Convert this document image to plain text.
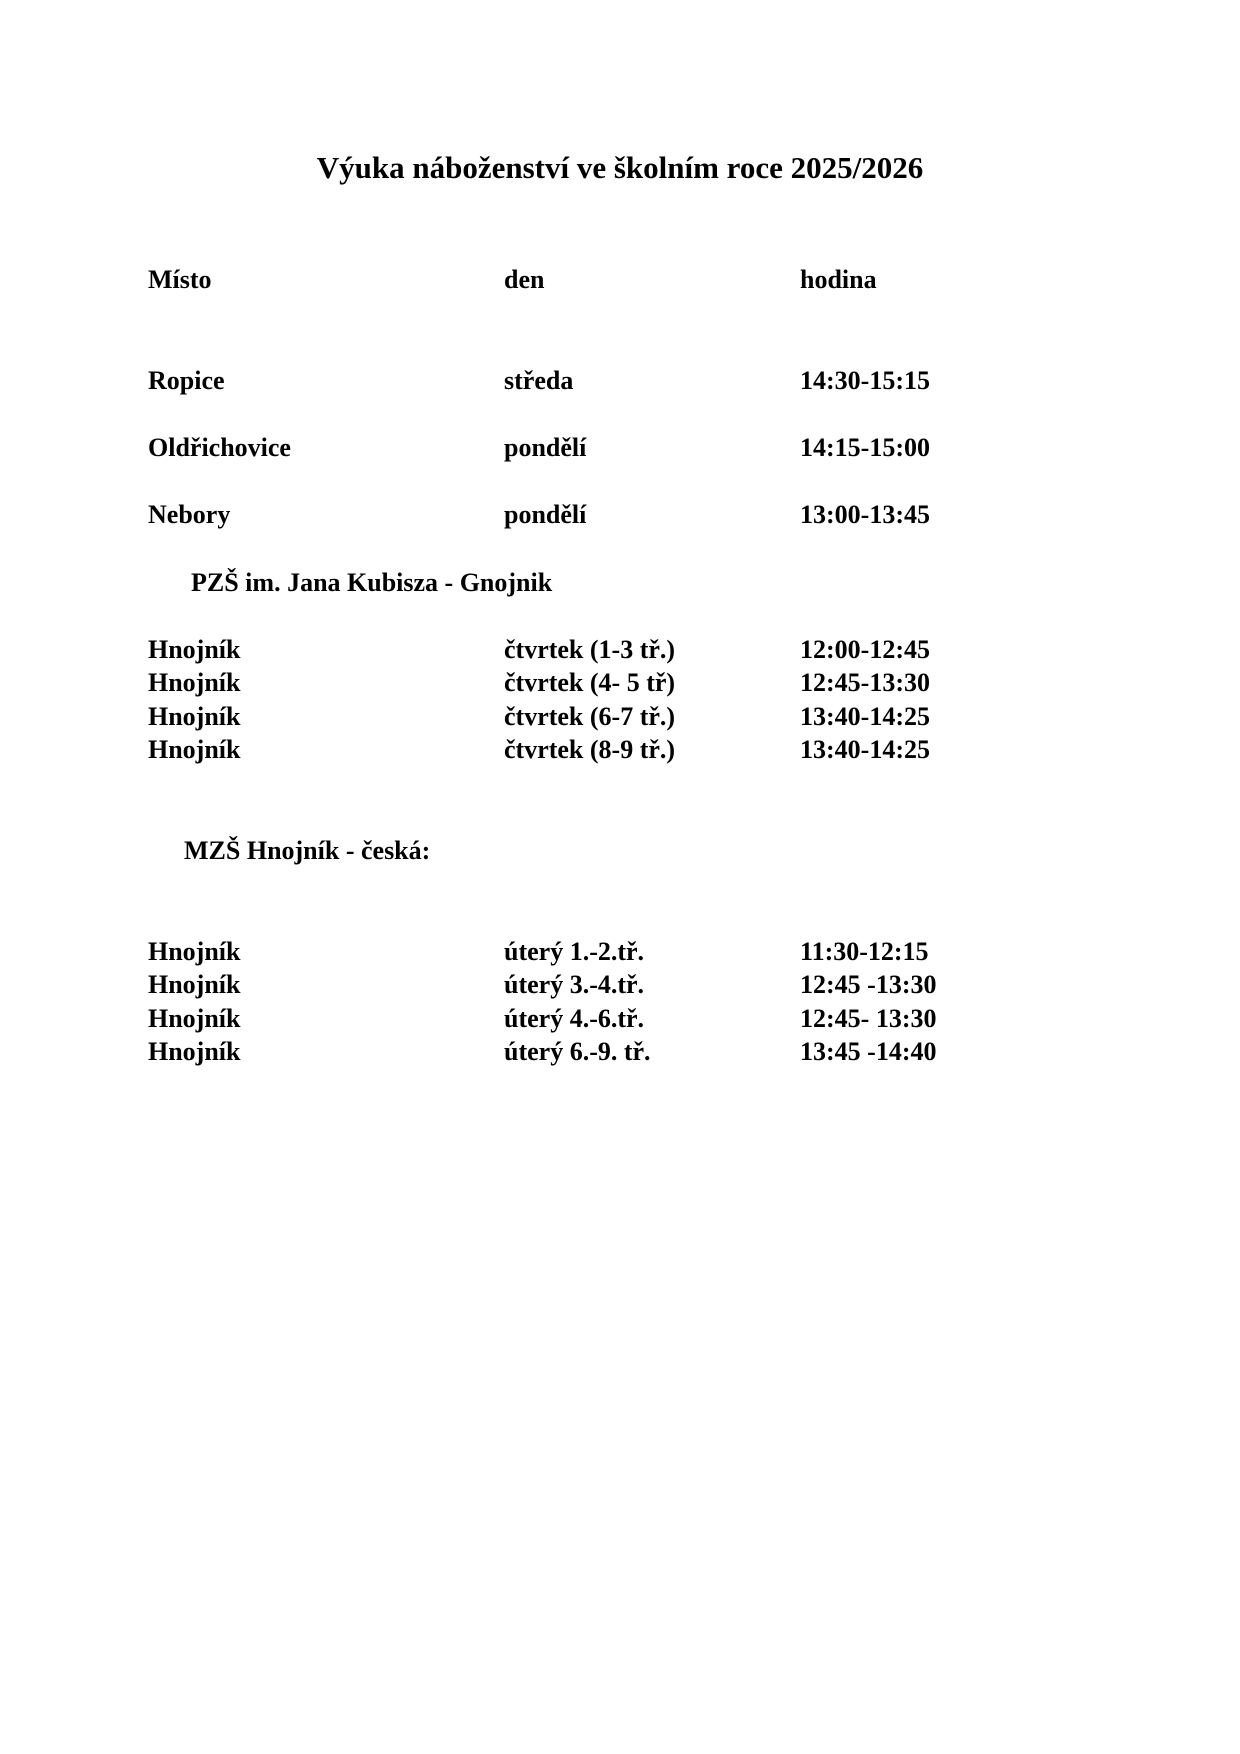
Výuka náboženství ve školním roce 2025/2026
Místo	den	hodina
Ropice	středa	14:30-15:15
Oldřichovice	pondělí	14:15-15:00
Nebory	pondělí	13:00-13:45
PZŠ im. Jana Kubisza - Gnojnik
Hnojník	čtvrtek (1-3 tř.)	12:00-12:45
Hnojník	čtvrtek (4- 5 tř)	12:45-13:30
Hnojník	čtvrtek (6-7 tř.)	13:40-14:25
Hnojník	čtvrtek (8-9 tř.)	13:40-14:25
MZŠ Hnojník - česká:
Hnojník	úterý 1.-2.tř.	11:30-12:15
Hnojník	úterý 3.-4.tř.	12:45 -13:30
Hnojník	úterý 4.-6.tř.	12:45- 13:30
Hnojník	úterý 6.-9. tř.	13:45 -14:40
